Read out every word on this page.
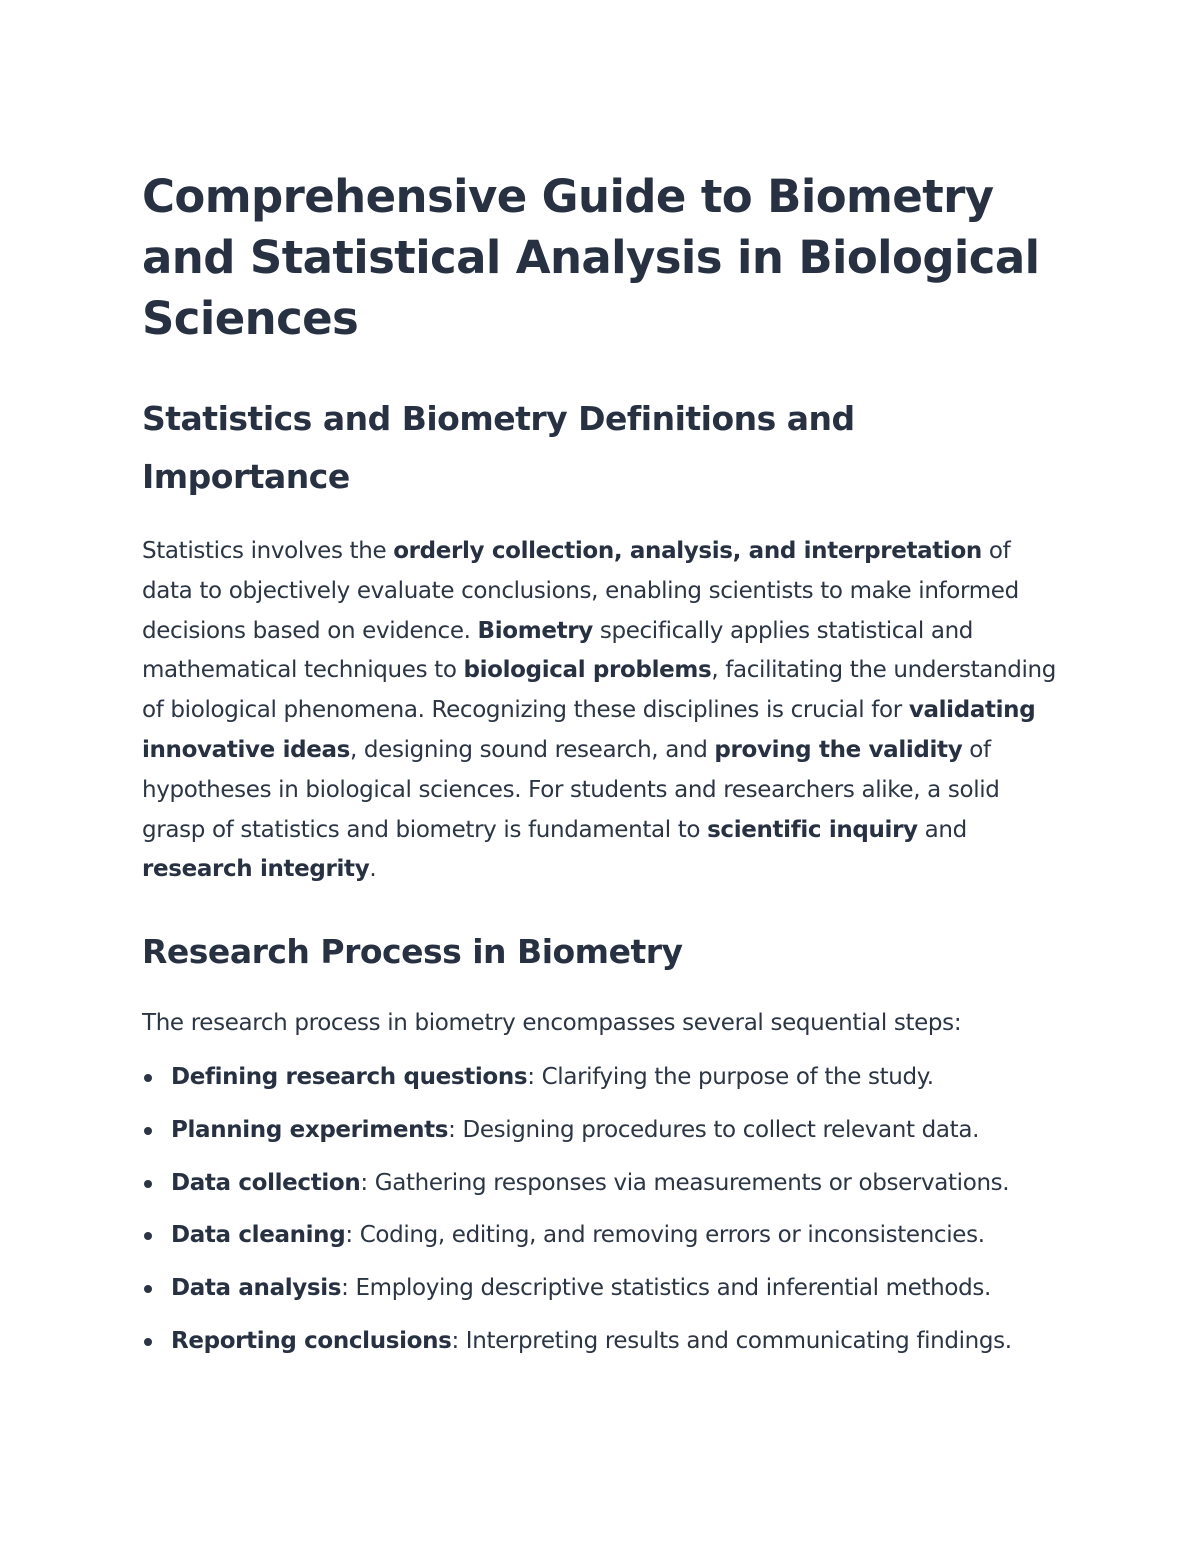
Comprehensive Guide to Biometry and Statistical Analysis in Biological Sciences
Statistics and Biometry Definitions and Importance

Statistics involves the orderly collection, analysis, and interpretation of data to objectively evaluate conclusions, enabling scientists to make informed decisions based on evidence. Biometry specifically applies statistical and mathematical techniques to biological problems, facilitating the understanding of biological phenomena. Recognizing these disciplines is crucial for validating innovative ideas, designing sound research, and proving the validity of hypotheses in biological sciences. For students and researchers alike, a solid grasp of statistics and biometry is fundamental to scientific inquiry and research integrity.

Research Process in Biometry

The research process in biometry encompasses several sequential steps:

Defining research questions: Clarifying the purpose of the study.
Planning experiments: Designing procedures to collect relevant data.
Data collection: Gathering responses via measurements or observations.
Data cleaning: Coding, editing, and removing errors or inconsistencies.
Data analysis: Employing descriptive statistics and inferential methods.
Reporting conclusions: Interpreting results and communicating findings.
